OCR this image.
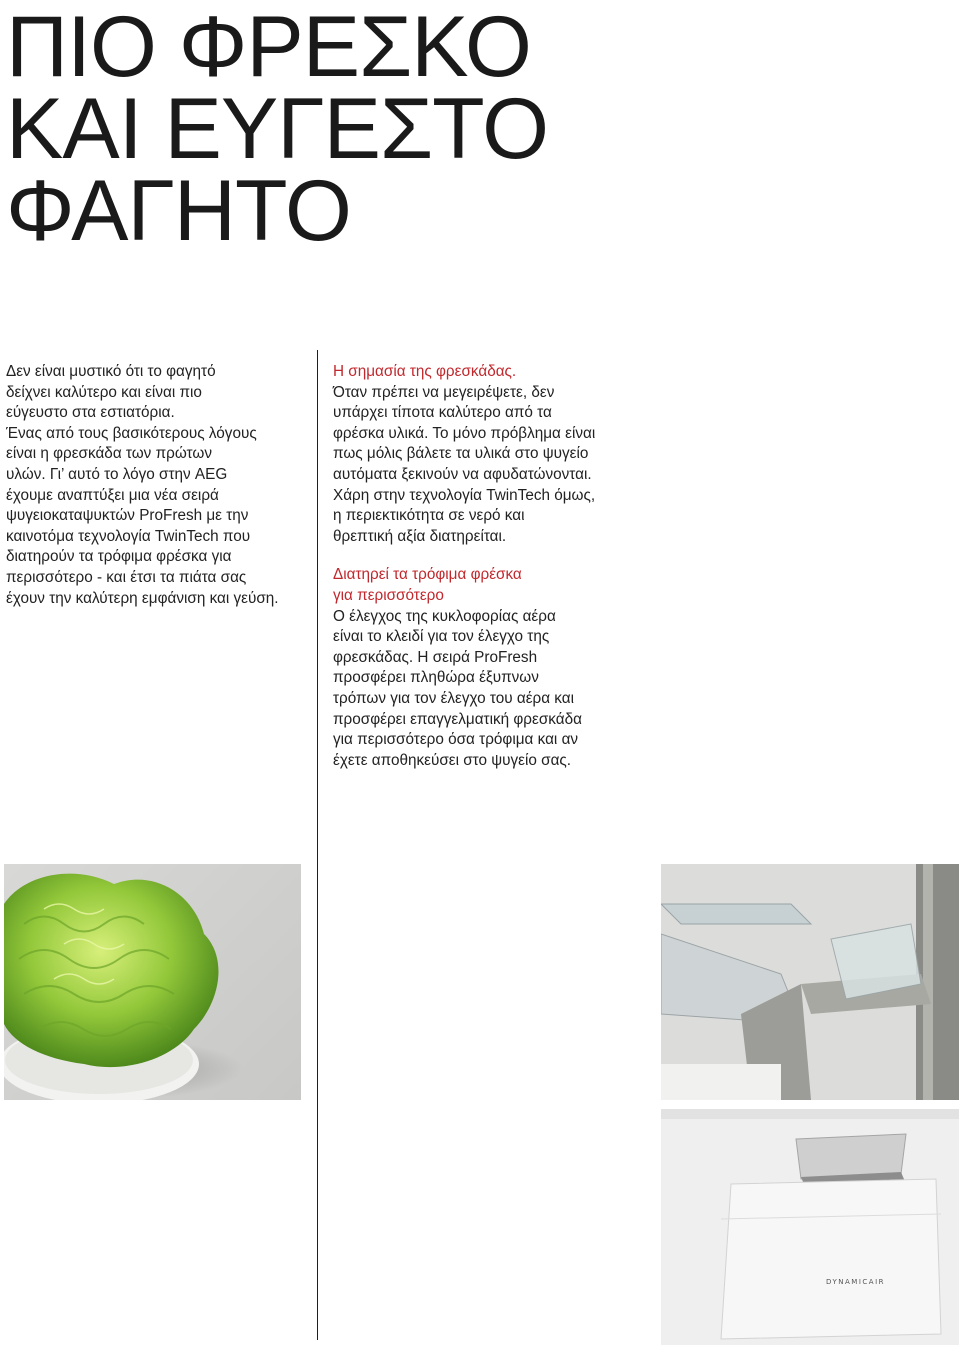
ΠΙΟ ΦΡΕΣΚΟ
ΚΑΙ ΕΥΓΕΣΤΟ
ΦΑΓΗΤΟ

Δεν είναι μυστικό ότι το φαγητό

δείχνει καλύτερο και είναι πιο

εύγευστο στα εστιατόρια.

Ένας από τους βασικότερους λόγους

είναι η φρεσκάδα των πρώτων

υλών. Γι’ αυτό το λόγο στην AEG

έχουμε αναπτύξει μια νέα σειρά

ψυγειοκαταψυκτών ProFresh με την

καινοτόμα τεχνολογία TwinTech που

διατηρούν τα τρόφιμα φρέσκα για

περισσότερο - και έτσι τα πιάτα σας

έχουν την καλύτερη εμφάνιση και γεύση.

Η σημασία της φρεσκάδας.

Όταν πρέπει να μεγειρέψετε, δεν

υπάρχει τίποτα καλύτερο από τα

φρέσκα υλικά. Το μόνο πρόβλημα είναι

πως μόλις βάλετε τα υλικά στο ψυγείο

αυτόματα ξεκινούν να αφυδατώνονται.

Χάρη στην τεχνολογία TwinTech όμως,

η περιεκτικότητα σε νερό και

θρεπτική αξία διατηρείται.

Διατηρεί τα τρόφιμα φρέσκα

για περισσότερο

Ο έλεγχος της κυκλοφορίας αέρα

είναι το κλειδί για τον έλεγχο της

φρεσκάδας. Η σειρά ProFresh

προσφέρει πληθώρα έξυπνων

τρόπων για τον έλεγχο του αέρα και

προσφέρει επαγγελματική φρεσκάδα

για περισσότερο όσα τρόφιμα και αν

έχετε αποθηκεύσει στο ψυγείο σας.

DYNAMICAIR
